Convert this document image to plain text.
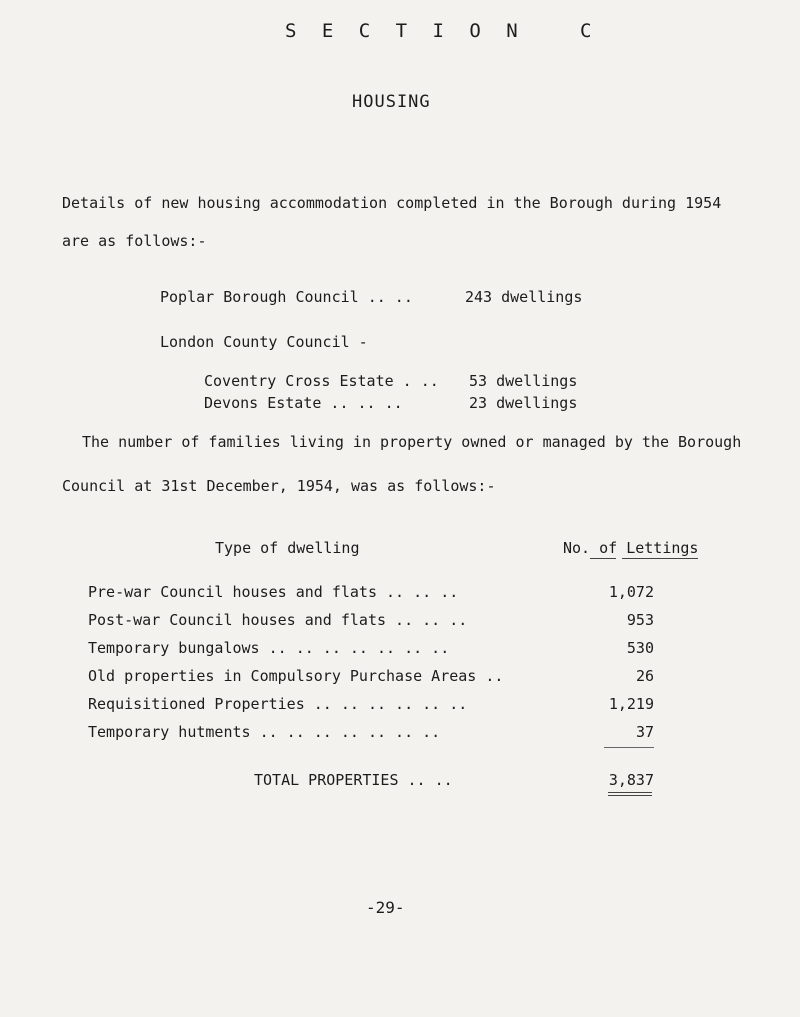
S E C T I O N   C
HOUSING
Details of new housing accommodation completed in the Borough during 1954
are as follows:-
Poplar Borough Council .. ..	243 dwellings
London County Council -
Coventry Cross Estate . .. 53 dwellings
Devons Estate .. .. ..	23 dwellings
The number of families living in property owned or managed by the Borough
Council at 31st December, 1954, was as follows:-
Type of dwelling	No. of Lettings
Pre-war Council houses and flats .. .. ..	1,072
Post-war Council houses and flats .. .. ..	953
Temporary bungalows .. .. .. .. .. .. ..	530
Old properties in Compulsory Purchase Areas ..	26
Requisitioned Properties .. .. .. .. .. ..	1,219
Temporary hutments .. .. .. .. .. .. ..	37
TOTAL PROPERTIES .. ..	3,837
-29-
